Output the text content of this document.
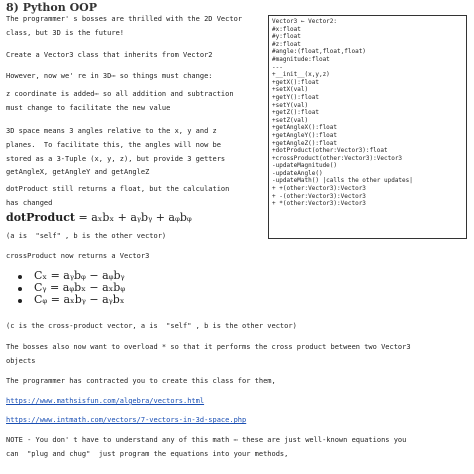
8) Python OOP
The programmer' s bosses are thrilled with the 2D Vector
class, but 3D is the future!
Create a Vector3 class that inherits from Vector2
However, now we' re in 3D⋯ so things must change:
z coordinate is added⋯ so all addition and subtraction
must change to facilitate the new value
3D space means 3 angles relative to the x, y and z
planes.  To facilitate this, the angles will now be
stored as a 3-Tuple (x, y, z), but provide 3 getters
getAngleX, getAngleY and getAngleZ
dotProduct still returns a float, but the calculation
has changed
dotProduct = aₓbₓ + aᵧbᵧ + aᵩbᵩ
(a is  "self" , b is the other vector)
crossProduct now returns a Vector3
Cₓ = aᵧbᵩ − aᵩbᵧ
Cᵧ = aᵩbₓ − aₓbᵩ
Cᵩ = aₓbᵧ − aᵧbₓ
(c is the cross-product vector, a is  "self" , b is the other vector)
The bosses also now want to overload * so that it performs the cross product between two Vector3
objects
The programmer has contracted you to create this class for them,
https://www.mathsisfun.com/algebra/vectors.html
https://www.intmath.com/vectors/7-vectors-in-3d-space.php
NOTE - You don' t have to understand any of this math ⋯ these are just well-known equations you
can  "plug and chug"  just program the equations into your methods,
Vector3 ← Vector2:
#x:float
#y:float
#z:float
#angle:(float,float,float)
#magnitude:float
---
+__init__(x,y,z)
+getX():float
+setX(val)
+getY():float
+setY(val)
+getZ():float
+setZ(val)
+getAngleX():float
+getAngleY():float
+getAngleZ():float
+dotProduct(other:Vector3):float
+crossProduct(other:Vector3):Vector3
-updateMagnitude()
-updateAngle()
-updateMath() |calls the other updates|
+ +(other:Vector3):Vector3
+ -(other:Vector3):Vector3
+ *(other:Vector3):Vector3
